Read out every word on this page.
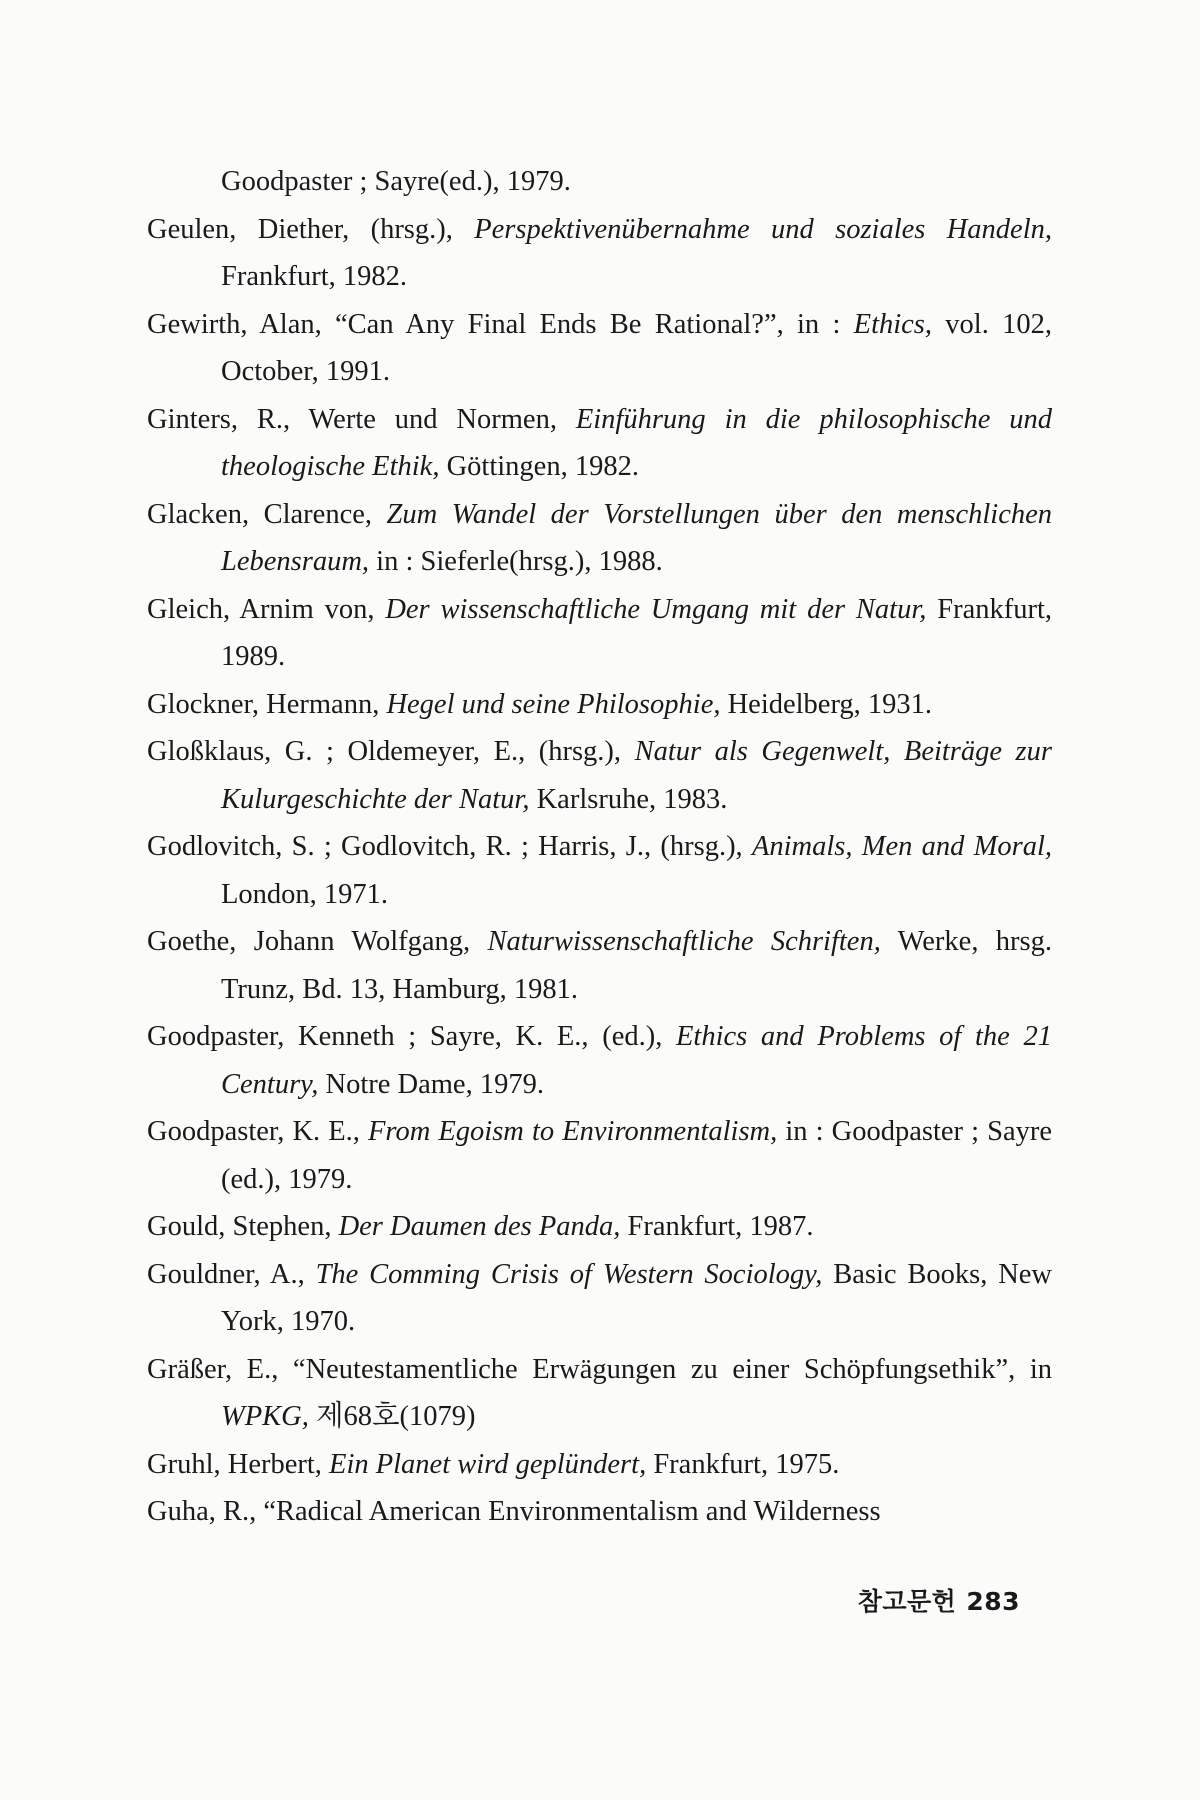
Goodpaster ; Sayre(ed.), 1979.

Geulen, Diether, (hrsg.), Perspektivenübernahme und soziales Handeln, Frankfurt, 1982.

Gewirth, Alan, “Can Any Final Ends Be Rational?”, in : Ethics, vol. 102, October, 1991.

Ginters, R., Werte und Normen, Einführung in die philosophische und theologische Ethik, Göttingen, 1982.

Glacken, Clarence, Zum Wandel der Vorstellungen über den menschlichen Lebensraum, in : Sieferle(hrsg.), 1988.

Gleich, Arnim von, Der wissenschaftliche Umgang mit der Natur, Frankfurt, 1989.

Glockner, Hermann, Hegel und seine Philosophie, Heidelberg, 1931.

Gloßklaus, G. ; Oldemeyer, E., (hrsg.), Natur als Gegenwelt, Beiträge zur Kulurgeschichte der Natur, Karlsruhe, 1983.

Godlovitch, S. ; Godlovitch, R. ; Harris, J., (hrsg.), Animals, Men and Moral, London, 1971.

Goethe, Johann Wolfgang, Naturwissenschaftliche Schriften, Werke, hrsg. Trunz, Bd. 13, Hamburg, 1981.

Goodpaster, Kenneth ; Sayre, K. E., (ed.), Ethics and Problems of the 21 Century, Notre Dame, 1979.

Goodpaster, K. E., From Egoism to Environmentalism, in : Goodpaster ; Sayre (ed.), 1979.

Gould, Stephen, Der Daumen des Panda, Frankfurt, 1987.

Gouldner, A., The Comming Crisis of Western Sociology, Basic Books, New York, 1970.

Gräßer, E., “Neutestamentliche Erwägungen zu einer Schöpfungsethik”, in WPKG, 제68호(1079)

Gruhl, Herbert, Ein Planet wird geplündert, Frankfurt, 1975.

Guha, R., “Radical American Environmentalism and Wilderness

참고문헌 283
